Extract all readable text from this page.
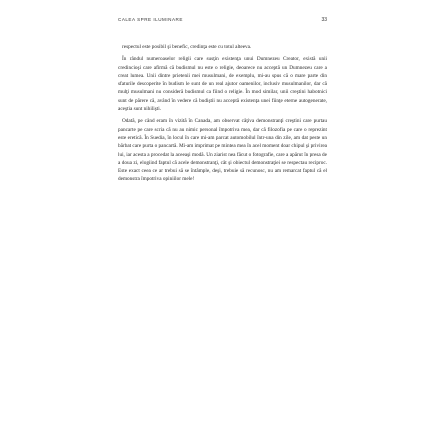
CALEA SPRE ILUMINARE	33

respectul este posibil şi benefic, credinţa este cu totul alteeva.

În rândul numeroaselor religii care susţin existenţa unui Dumnezeu Creator, există unii credincioşi care afirmă că budismul nu este o religie, deoarece nu acceptă un Dumnezeu care a creat lumea. Unii dintre prietenii mei musulmani, de exemplu, mi-au spus că o mare parte din sfaturile descoperite în budism le sunt de un real ajutor oamenilor, inclusiv musulmanilor, dar că mulţi musulmani nu consideră budismul ca fiind o religie. În mod similar, unii creştini habotnici sunt de părere că, având în vedere că budiştii nu acceptă existenţa unei fiinţe eterne autogenerate, aceştia sunt nihilişti.

Odată, pe când eram în vizită în Canada, am observat câţiva demonstranţi creştini care purtau pancarte pe care scria că nu au nimic personal împotriva mea, dar că filozofia pe care o reprezint este eretică. În Suedia, în locul în care mi-am parcat automobilul într-una din zile, am dat peste un bărbat care purta o pancartă. Mi-am imprimat pe mintea mea în acel moment doar chipul şi privirea lui, iar acesta a procedat la aceeaşi modă. Un ziarist nea făcut o fotografie, care a apărut în presa de a doua zi, elogiind faptul că acele demonstranţi, cât şi obiectul demonstraţiei se respectau reciproc. Este exact ceea ce ar trebui să se întâmple, deşi, trebuie să recunosc, nu am remarcat faptul că el demonstra împotriva opiniilor mele!
